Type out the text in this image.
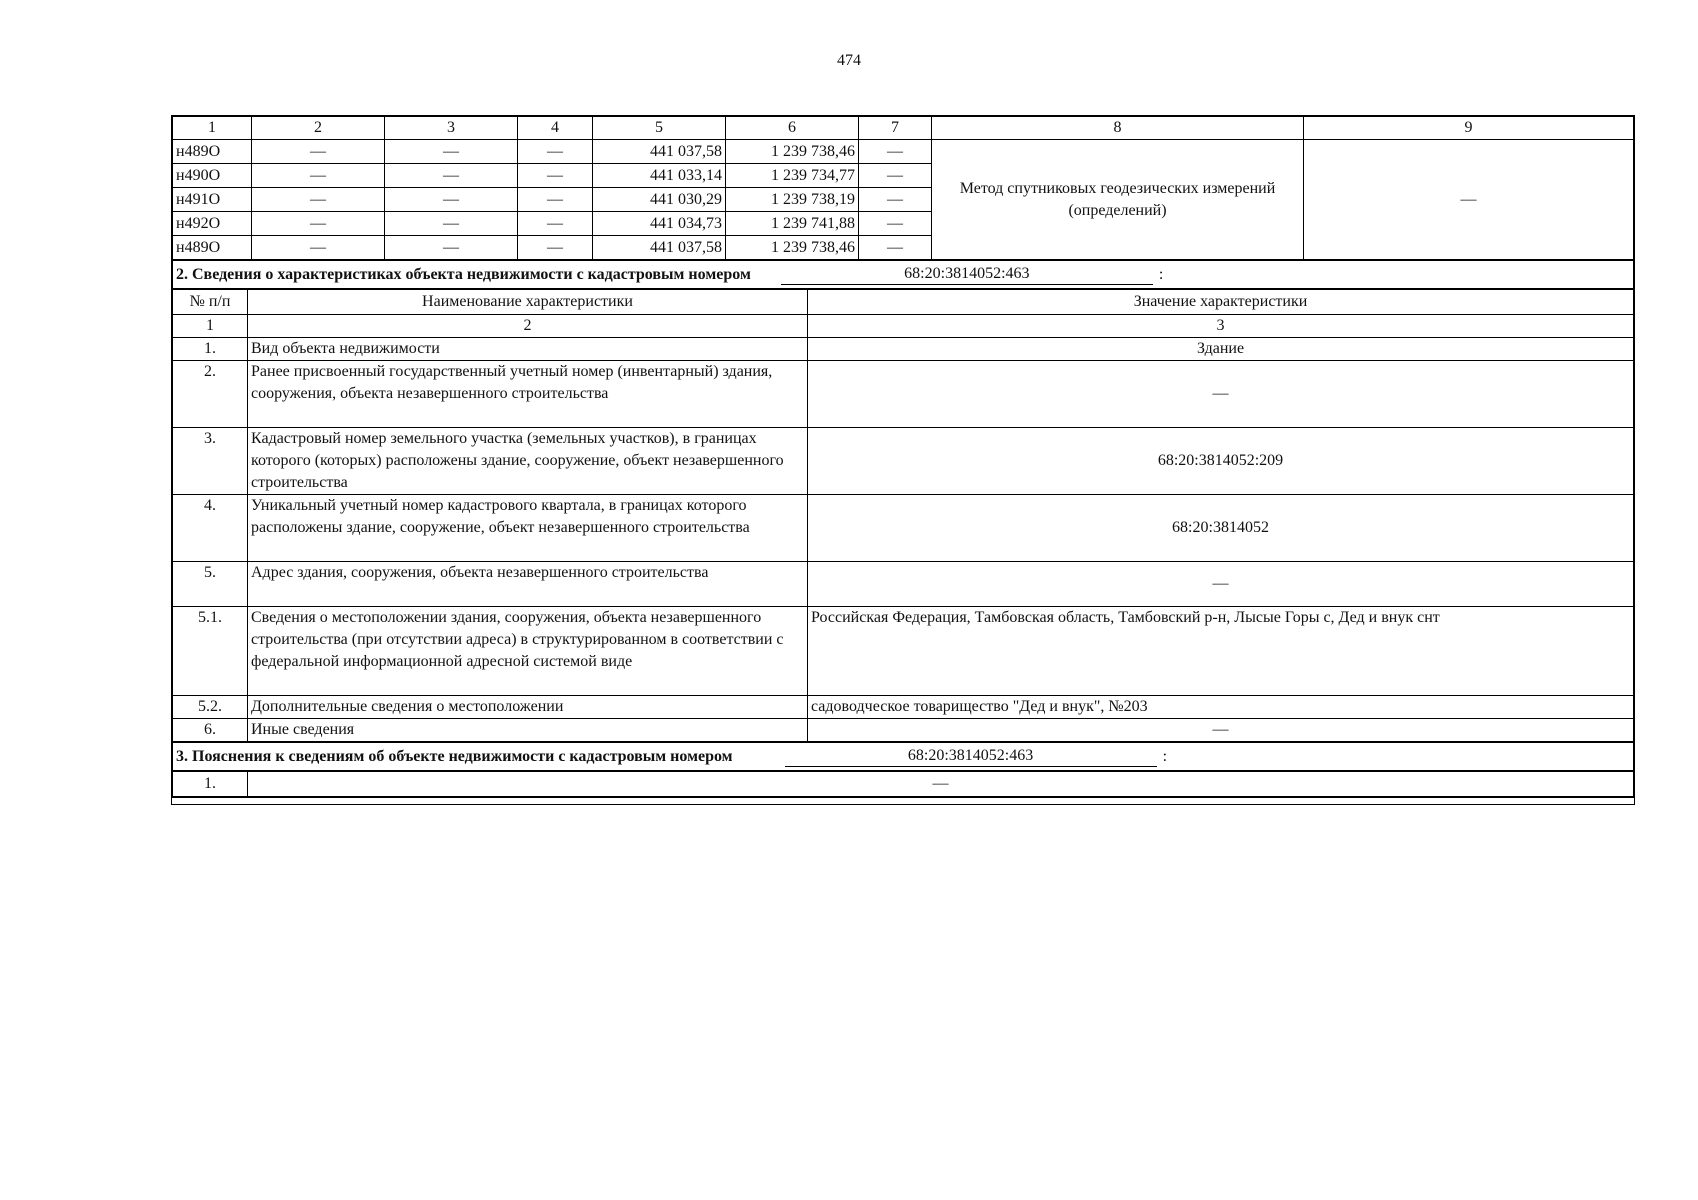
474
1	2	3	4	5	6	7	8	9
н489О	—	—	—	441 037,58	1 239 738,46	—	Метод спутниковых геодезических измерений (определений)	—
н490О	—	—	—	441 033,14	1 239 734,77	—		
н491О	—	—	—	441 030,29	1 239 738,19	—		
н492О	—	—	—	441 034,73	1 239 741,88	—		
н489О	—	—	—	441 037,58	1 239 738,46	—		
2. Сведения о характеристиках объекта недвижимости с кадастровым номером	68:20:3814052:463	:
№ п/п	Наименование характеристики	Значение характеристики
1	2	3
1.	Вид объекта недвижимости	Здание
2.	Ранее присвоенный государственный учетный номер (инвентарный) здания, сооружения, объекта незавершенного строительства	—
3.	Кадастровый номер земельного участка (земельных участков), в границах которого (которых) расположены здание, сооружение, объект незавершенного строительства	68:20:3814052:209
4.	Уникальный учетный номер кадастрового квартала, в границах которого расположены здание, сооружение, объект незавершенного строительства	68:20:3814052
5.	Адрес здания, сооружения, объекта незавершенного строительства	—
5.1.	Сведения о местоположении здания, сооружения, объекта незавершенного строительства (при отсутствии адреса) в структурированном в соответствии с федеральной информационной адресной системой виде	Российская Федерация, Тамбовская область, Тамбовский р-н, Лысые Горы с, Дед и внук снт
5.2.	Дополнительные сведения о местоположении	садоводческое товарищество "Дед и внук", №203
6.	Иные сведения	—
3. Пояснения к сведениям об объекте недвижимости с кадастровым номером	68:20:3814052:463	:
1.	—
